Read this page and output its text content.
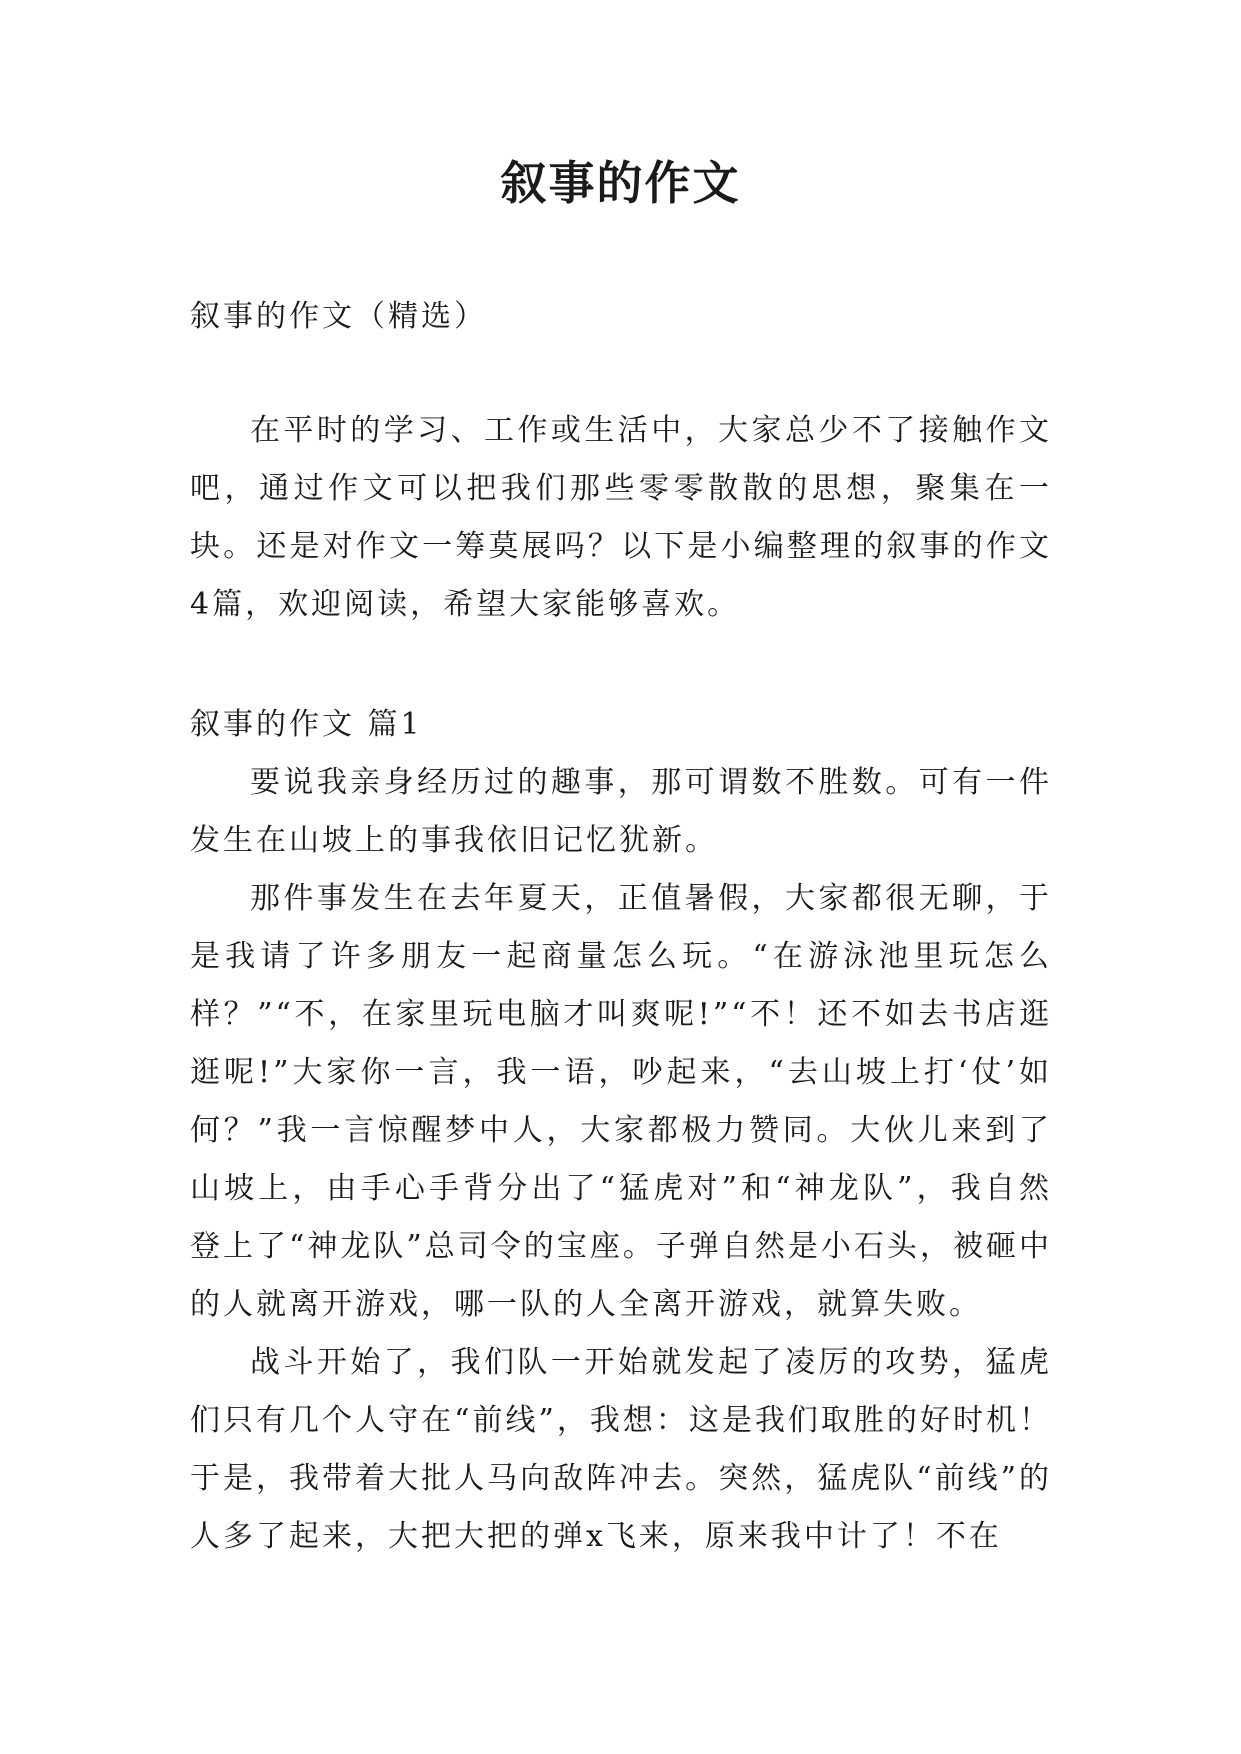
叙事的作文
叙事的作文（精选）

在平时的学习、工作或生活中，大家总少不了接触作文吧，通过作文可以把我们那些零零散散的思想，聚集在一块。还是对作文一筹莫展吗？以下是小编整理的叙事的作文4篇，欢迎阅读，希望大家能够喜欢。

叙事的作文 篇1

要说我亲身经历过的趣事，那可谓数不胜数。可有一件发生在山坡上的事我依旧记忆犹新。

那件事发生在去年夏天，正值暑假，大家都很无聊，于是我请了许多朋友一起商量怎么玩。“在游泳池里玩怎么样？”“不，在家里玩电脑才叫爽呢!”“不！还不如去书店逛逛呢!”大家你一言，我一语，吵起来，“去山坡上打‘仗’如何？”我一言惊醒梦中人，大家都极力赞同。大伙儿来到了山坡上，由手心手背分出了“猛虎对”和“神龙队”，我自然登上了“神龙队”总司令的宝座。子弹自然是小石头，被砸中的人就离开游戏，哪一队的人全离开游戏，就算失败。

战斗开始了，我们队一开始就发起了凌厉的攻势，猛虎们只有几个人守在“前线”，我想：这是我们取胜的好时机！于是，我带着大批人马向敌阵冲去。突然，猛虎队“前线”的人多了起来，大把大把的弹x飞来，原来我中计了！不在
